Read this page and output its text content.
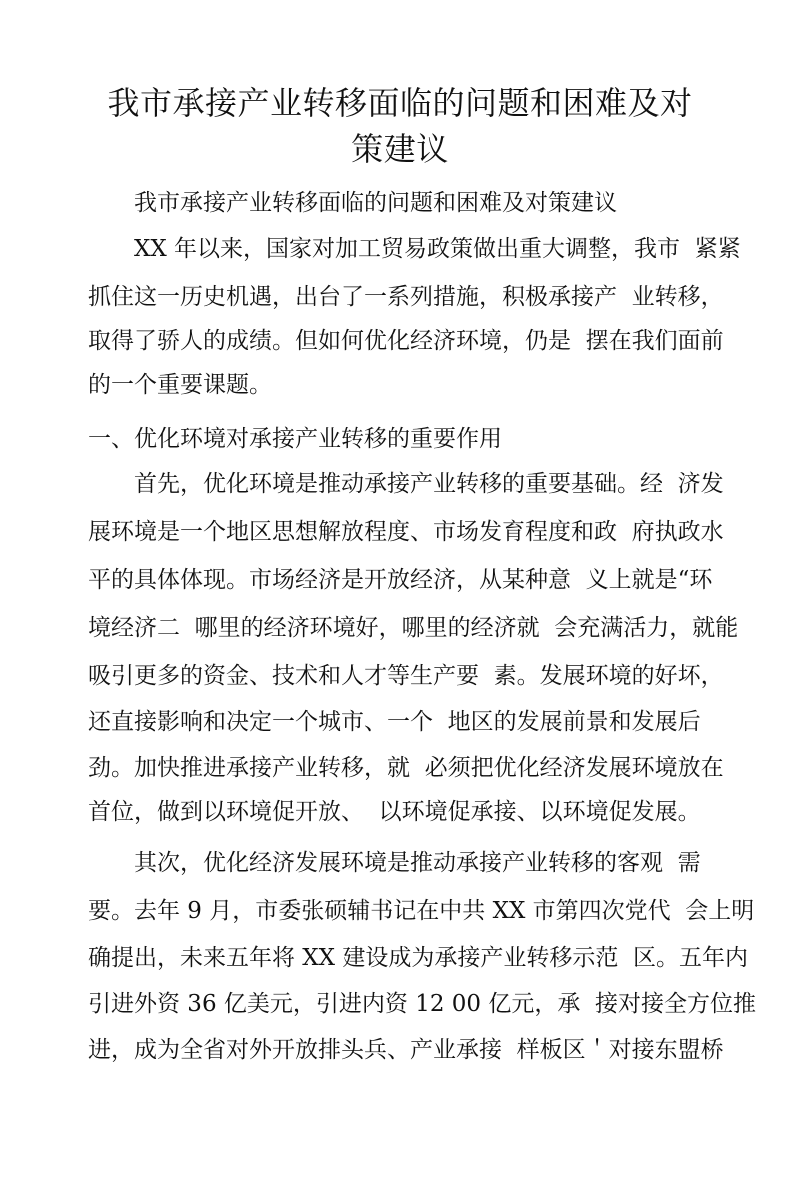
我市承接产业转移面临的问题和困难及对
策建议

我市承接产业转移面临的问题和困难及对策建议

XX 年以来，国家对加工贸易政策做出重大调整，我市  紧紧

抓住这一历史机遇，出台了一系列措施，积极承接产  业转移，

取得了骄人的成绩。但如何优化经济环境，仍是  摆在我们面前

的一个重要课题。

一、优化环境对承接产业转移的重要作用

首先，优化环境是推动承接产业转移的重要基础。经  济发

展环境是一个地区思想解放程度、市场发育程度和政  府执政水

平的具体体现。市场经济是开放经济，从某种意  义上就是“环

境经济二  哪里的经济环境好，哪里的经济就  会充满活力，就能

吸引更多的资金、技术和人才等生产要  素。发展环境的好坏，

还直接影响和决定一个城市、一个  地区的发展前景和发展后

劲。加快推进承接产业转移，就  必须把优化经济发展环境放在

首位，做到以环境促开放、  以环境促承接、以环境促发展。

其次，优化经济发展环境是推动承接产业转移的客观  需

要。去年 9 月，市委张硕辅书记在中共 XX 市第四次党代  会上明

确提出，未来五年将 XX 建设成为承接产业转移示范  区。五年内

引进外资 36 亿美元，引进内资 12 00 亿元，承  接对接全方位推

进，成为全省对外开放排头兵、产业承接  样板区＇对接东盟桥
